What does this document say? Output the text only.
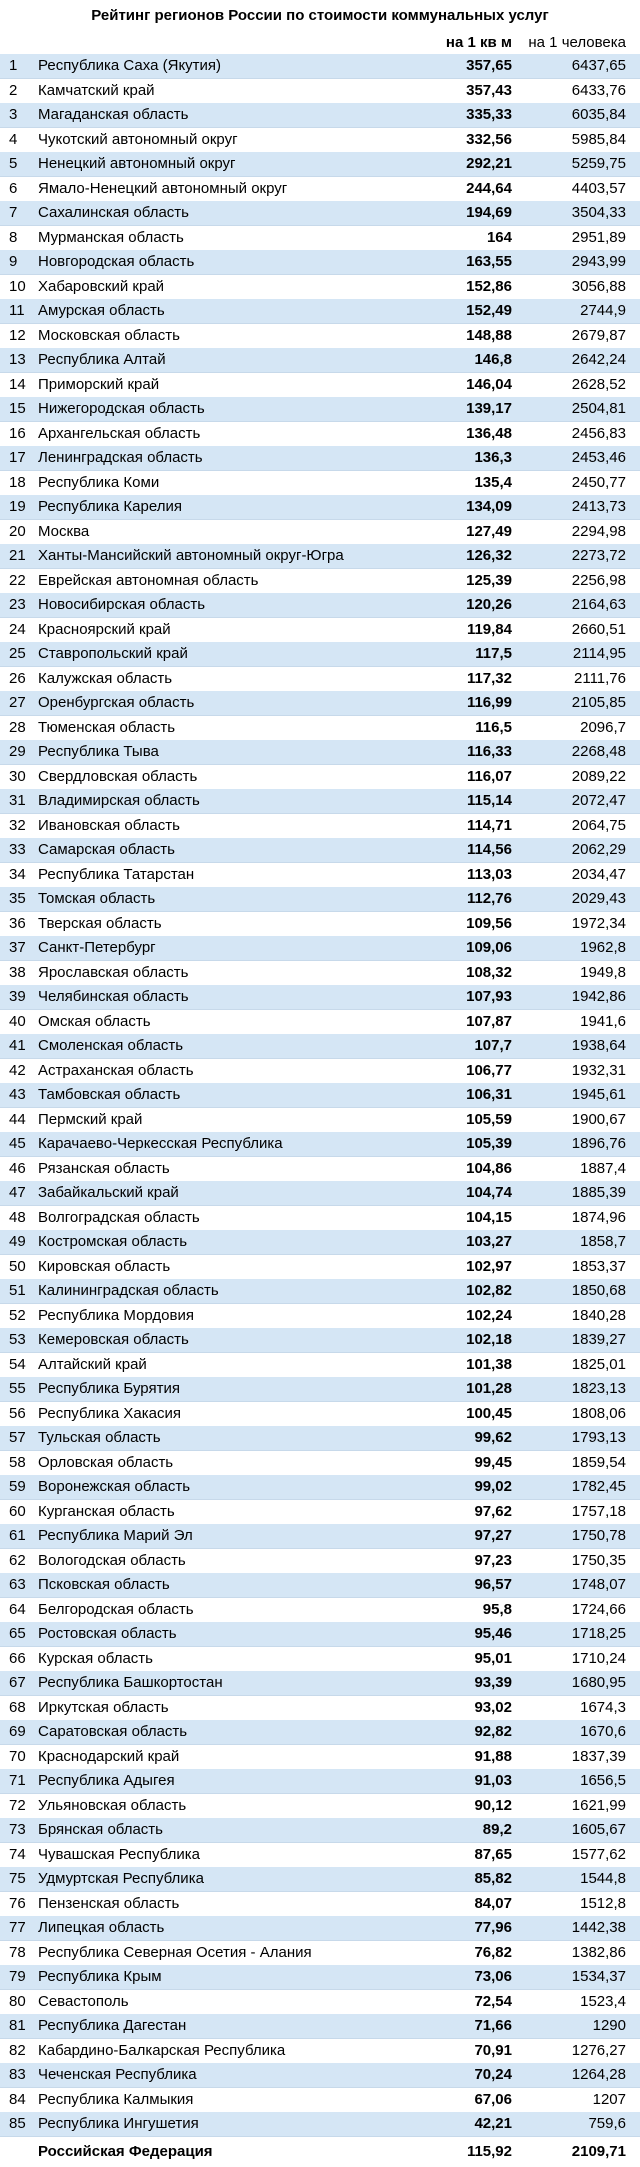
Рейтинг регионов России по стоимости коммунальных услуг
на 1 кв м	на 1 человека
1	Республика Саха (Якутия)	357,65	6437,65
2	Камчатский край	357,43	6433,76
3	Магаданская область	335,33	6035,84
4	Чукотский автономный округ	332,56	5985,84
5	Ненецкий автономный округ	292,21	5259,75
6	Ямало-Ненецкий автономный округ	244,64	4403,57
7	Сахалинская область	194,69	3504,33
8	Мурманская область	164	2951,89
9	Новгородская область	163,55	2943,99
10	Хабаровский край	152,86	3056,88
11	Амурская область	152,49	2744,9
12	Московская область	148,88	2679,87
13	Республика Алтай	146,8	2642,24
14	Приморский край	146,04	2628,52
15	Нижегородская область	139,17	2504,81
16	Архангельская область	136,48	2456,83
17	Ленинградская область	136,3	2453,46
18	Республика Коми	135,4	2450,77
19	Республика Карелия	134,09	2413,73
20	Москва	127,49	2294,98
21	Ханты-Мансийский автономный округ-Югра	126,32	2273,72
22	Еврейская автономная область	125,39	2256,98
23	Новосибирская область	120,26	2164,63
24	Красноярский край	119,84	2660,51
25	Ставропольский край	117,5	2114,95
26	Калужская область	117,32	2111,76
27	Оренбургская область	116,99	2105,85
28	Тюменская область	116,5	2096,7
29	Республика Тыва	116,33	2268,48
30	Свердловская область	116,07	2089,22
31	Владимирская область	115,14	2072,47
32	Ивановская область	114,71	2064,75
33	Самарская область	114,56	2062,29
34	Республика Татарстан	113,03	2034,47
35	Томская область	112,76	2029,43
36	Тверская область	109,56	1972,34
37	Санкт-Петербург	109,06	1962,8
38	Ярославская область	108,32	1949,8
39	Челябинская область	107,93	1942,86
40	Омская область	107,87	1941,6
41	Смоленская область	107,7	1938,64
42	Астраханская область	106,77	1932,31
43	Тамбовская область	106,31	1945,61
44	Пермский край	105,59	1900,67
45	Карачаево-Черкесская Республика	105,39	1896,76
46	Рязанская область	104,86	1887,4
47	Забайкальский край	104,74	1885,39
48	Волгоградская область	104,15	1874,96
49	Костромская область	103,27	1858,7
50	Кировская область	102,97	1853,37
51	Калининградская область	102,82	1850,68
52	Республика Мордовия	102,24	1840,28
53	Кемеровская область	102,18	1839,27
54	Алтайский край	101,38	1825,01
55	Республика Бурятия	101,28	1823,13
56	Республика Хакасия	100,45	1808,06
57	Тульская область	99,62	1793,13
58	Орловская область	99,45	1859,54
59	Воронежская область	99,02	1782,45
60	Курганская область	97,62	1757,18
61	Республика Марий Эл	97,27	1750,78
62	Вологодская область	97,23	1750,35
63	Псковская область	96,57	1748,07
64	Белгородская область	95,8	1724,66
65	Ростовская область	95,46	1718,25
66	Курская область	95,01	1710,24
67	Республика Башкортостан	93,39	1680,95
68	Иркутская область	93,02	1674,3
69	Саратовская область	92,82	1670,6
70	Краснодарский край	91,88	1837,39
71	Республика Адыгея	91,03	1656,5
72	Ульяновская область	90,12	1621,99
73	Брянская область	89,2	1605,67
74	Чувашская Республика	87,65	1577,62
75	Удмуртская Республика	85,82	1544,8
76	Пензенская область	84,07	1512,8
77	Липецкая область	77,96	1442,38
78	Республика Северная Осетия - Алания	76,82	1382,86
79	Республика Крым	73,06	1534,37
80	Севастополь	72,54	1523,4
81	Республика Дагестан	71,66	1290
82	Кабардино-Балкарская Республика	70,91	1276,27
83	Чеченская Республика	70,24	1264,28
84	Республика Калмыкия	67,06	1207
85	Республика Ингушетия	42,21	759,6
Российская Федерация	115,92	2109,71
